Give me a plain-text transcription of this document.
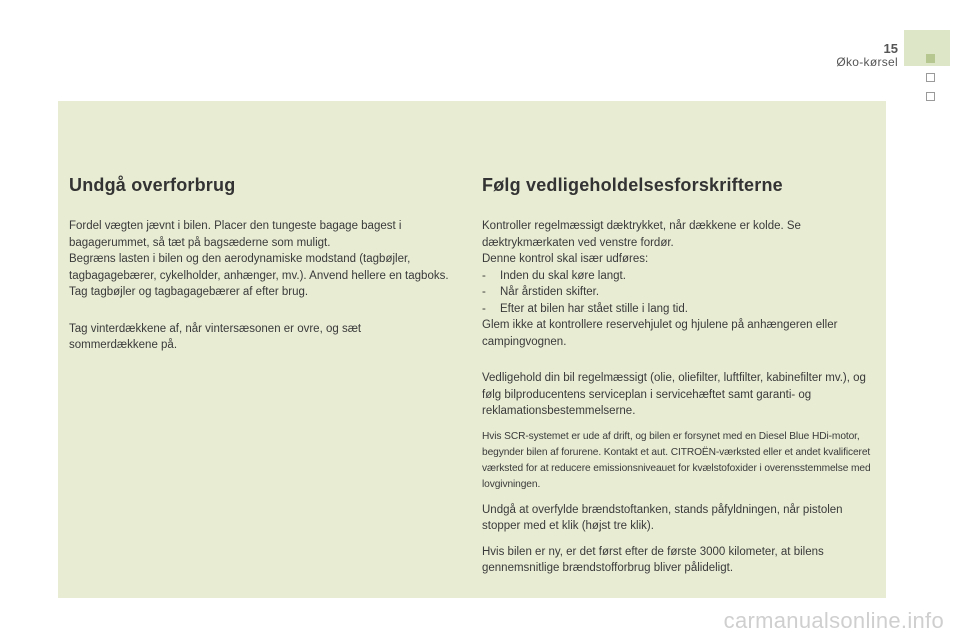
15
Øko-kørsel
Undgå overforbrug

Fordel vægten jævnt i bilen. Placer den tungeste bagage bagest i bagagerummet, så tæt på bagsæderne som muligt.

Begræns lasten i bilen og den aerodynamiske modstand (tagbøjler, tagbagagebærer, cykelholder, anhænger, mv.). Anvend hellere en tagboks.

Tag tagbøjler og tagbagagebærer af efter brug.

Tag vinterdækkene af, når vintersæsonen er ovre, og sæt sommerdækkene på.

Følg vedligeholdelsesforskrifterne

Kontroller regelmæssigt dæktrykket, når dækkene er kolde. Se dæktrykmærkaten ved venstre fordør.

Denne kontrol skal især udføres:

- Inden du skal køre langt.
- Når årstiden skifter.
- Efter at bilen har stået stille i lang tid.

Glem ikke at kontrollere reservehjulet og hjulene på anhængeren eller campingvognen.

Vedligehold din bil regelmæssigt (olie, oliefilter, luftfilter, kabinefilter mv.), og følg bilproducentens serviceplan i servicehæftet samt garanti- og reklamationsbestemmelserne.

Hvis SCR-systemet er ude af drift, og bilen er forsynet med en Diesel Blue HDi-motor, begynder bilen af forurene. Kontakt et aut. CITROËN-værksted eller et andet kvalificeret værksted for at reducere emissionsniveauet for kvælstofoxider i overensstemmelse med lovgivningen.

Undgå at overfylde brændstoftanken, stands påfyldningen, når pistolen stopper med et klik (højst tre klik).

Hvis bilen er ny, er det først efter de første 3000 kilometer, at bilens gennemsnitlige brændstofforbrug bliver pålideligt.

carmanualsonline.info
